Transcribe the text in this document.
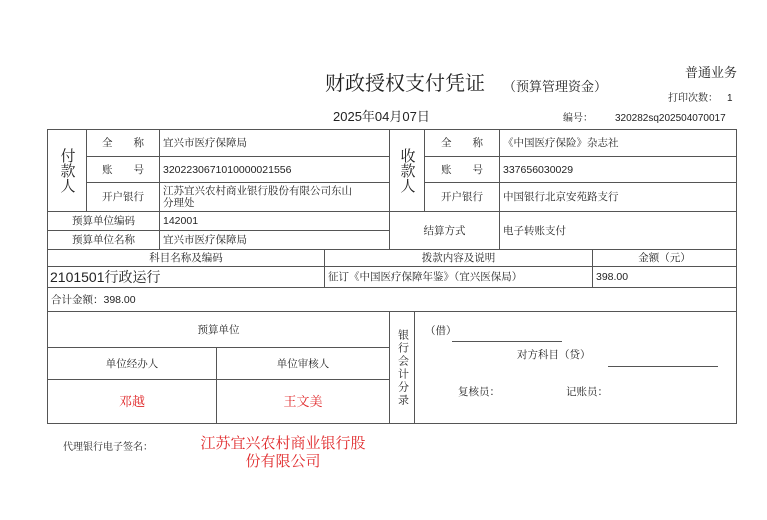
普通业务
财政授权支付凭证 （预算管理资金）
打印次数： 1
2025年04月07日	编号： 320282sq202504070017
付款人
全　　称 宜兴市医疗保障局
账　　号 3202230671010000021556
开户银行 江苏宜兴农村商业银行股份有限公司东山分理处
收款人
全　　称 《中国医疗保险》杂志社
账　　号 337656030029
开户银行 中国银行北京安苑路支行
预算单位编码	142001
预算单位名称	宜兴市医疗保障局
结算方式	电子转账支付
科目名称及编码	拨款内容及说明	金额（元）
2101501行政运行	征订《中国医疗保障年鉴》（宜兴医保局）	398.00
合计金额： 398.00
预算单位
单位经办人	单位审核人
邓越	王文美	银行会计分录 （借）
对方科目（贷）
复核员：	记账员：
代理银行电子签名：	江苏宜兴农村商业银行股份有限公司
